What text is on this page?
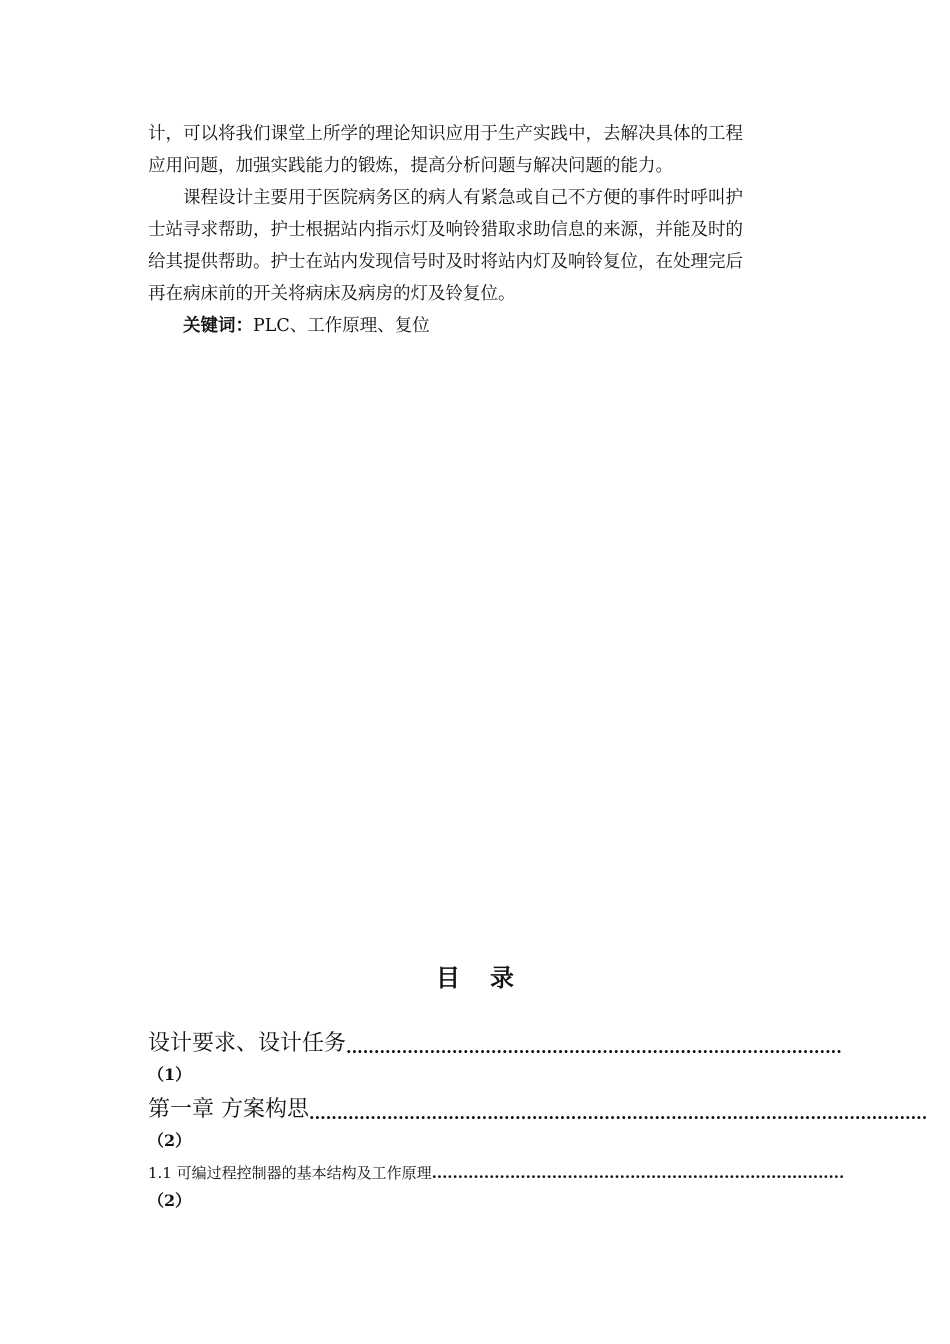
计，可以将我们课堂上所学的理论知识应用于生产实践中，去解决具体的工程
应用问题，加强实践能力的锻炼，提高分析问题与解决问题的能力。
课程设计主要用于医院病务区的病人有紧急或自己不方便的事件时呼叫护
士站寻求帮助，护士根据站内指示灯及响铃猎取求助信息的来源，并能及时的
给其提供帮助。护士在站内发现信号时及时将站内灯及响铃复位，在处理完后
再在病床前的开关将病床及病房的灯及铃复位。
关键词：PLC、工作原理、复位
目录
设计要求、设计任务 .........................................................................................
（1）
第一章 方案构思 ...............................................................................................................
（2）
1.1 可编过程控制器的基本结构及工作原理 ...............................................................................
（2）
